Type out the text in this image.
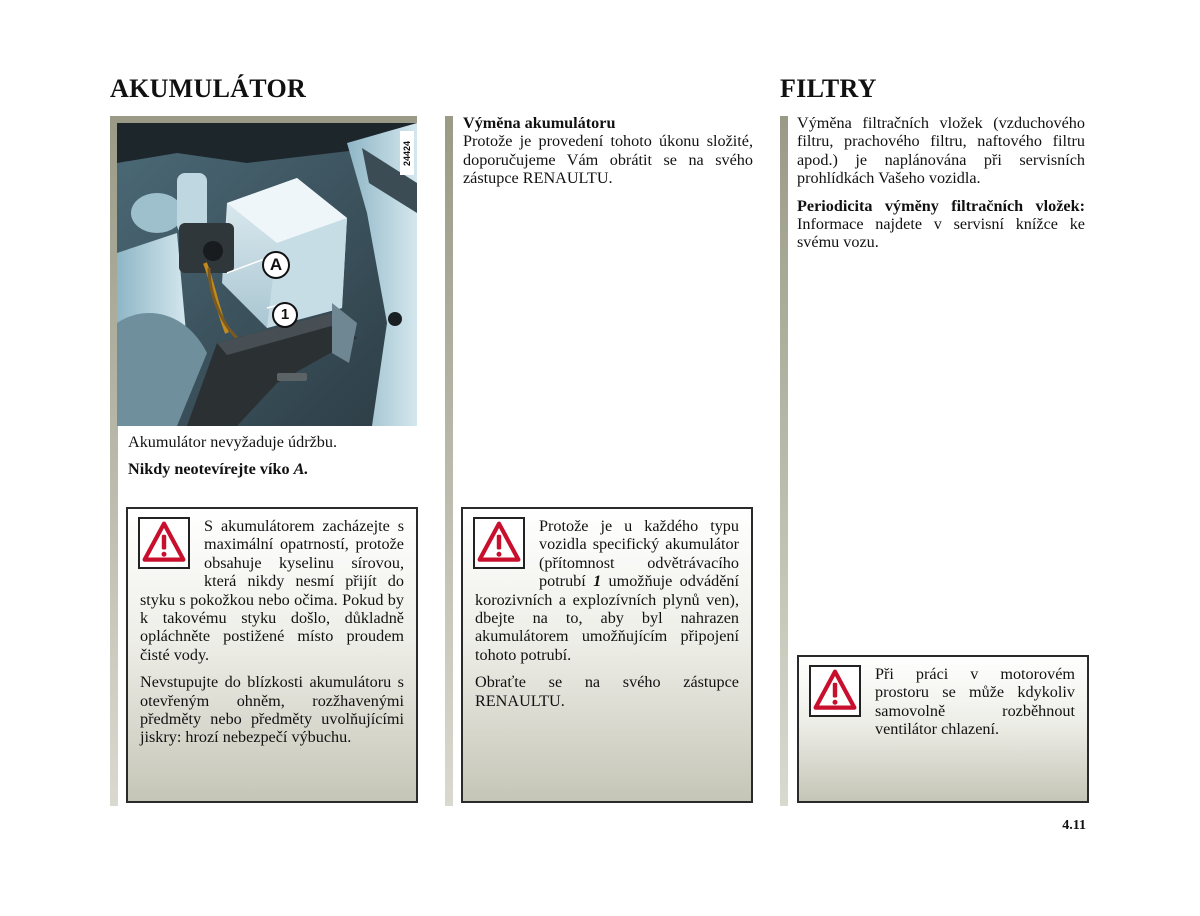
AKUMULÁTOR
A
1
24424

Akumulátor nevyžaduje údržbu.

Nikdy neotevírejte víko A.

S akumulátorem zacházejte s maximální opatrností, protože obsahuje kyselinu sírovou, která nikdy nesmí přijít do styku s pokožkou nebo očima. Pokud by k takovému styku došlo, důkladně opláchněte postižené místo proudem čisté vody.

Nevstupujte do blízkosti akumulátoru s otevřeným ohněm, rozžhavenými předměty nebo předměty uvolňujícími jiskry: hrozí nebezpečí výbuchu.

Výměna akumulátoru

Protože je provedení tohoto úkonu složité, doporučujeme Vám obrátit se na svého zástupce RENAULTU.

Protože je u každého typu vozidla specifický akumulátor (přítomnost odvětrávacího potrubí 1 umožňuje odvádění korozivních a explozívních plynů ven), dbejte na to, aby byl nahrazen akumulátorem umožňujícím připojení tohoto potrubí.

Obraťte se na svého zástupce RENAULTU.

FILTRY

Výměna filtračních vložek (vzduchového filtru, prachového filtru, naftového filtru apod.) je naplánována při servisních prohlídkách Vašeho vozidla.

Periodicita výměny filtračních vložek: Informace najdete v servisní knížce ke svému vozu.

Při práci v motorovém prostoru se může kdykoliv samovolně rozběhnout ventilátor chlazení.

4.11
